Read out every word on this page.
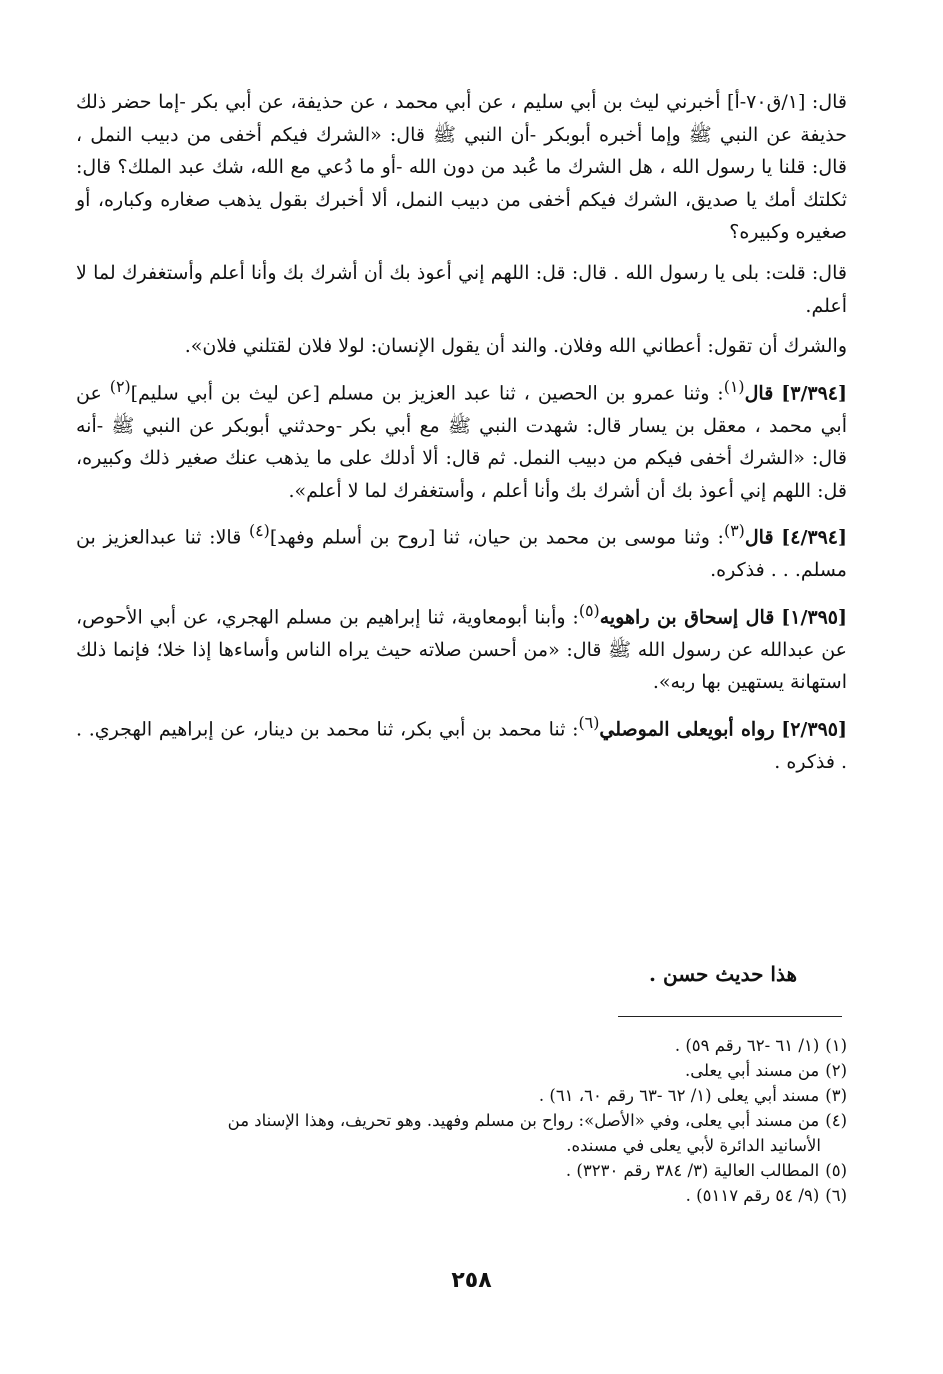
قال: [١/ق٧٠-أ] أخبرني ليث بن أبي سليم ، عن أبي محمد ، عن حذيفة، عن أبي بكر -إما حضر ذلك حذيفة عن النبي ﷺ وإما أخبره أبوبكر -أن النبي ﷺ قال: «الشرك فيكم أخفى من دبيب النمل ، قال: قلنا يا رسول الله ، هل الشرك ما عُبد من دون الله -أو ما دُعي مع الله، شك عبد الملك؟ قال: ثكلتك أمك يا صديق، الشرك فيكم أخفى من دبيب النمل، ألا أخبرك بقول يذهب صغاره وكباره، أو صغيره وكبيره؟

قال: قلت: بلى يا رسول الله . قال: قل: اللهم إني أعوذ بك أن أشرك بك وأنا أعلم وأستغفرك لما لا أعلم.

والشرك أن تقول: أعطاني الله وفلان. والند أن يقول الإنسان: لولا فلان لقتلني فلان».

[٣/٣٩٤] قال$^{(١)}$: وثنا عمرو بن الحصين ، ثنا عبد العزيز بن مسلم [عن ليث بن أبي سليم]$^{(٢)}$ عن أبي محمد ، معقل بن يسار قال: شهدت النبي ﷺ مع أبي بكر -وحدثني أبوبكر عن النبي ﷺ -أنه قال: «الشرك أخفى فيكم من دبيب النمل. ثم قال: ألا أدلك على ما يذهب عنك صغير ذلك وكبيره، قل: اللهم إني أعوذ بك أن أشرك بك وأنا أعلم ، وأستغفرك لما لا أعلم».

[٤/٣٩٤] قال$^{(٣)}$: وثنا موسى بن محمد بن حيان، ثنا [روح بن أسلم وفهد]$^{(٤)}$ قالا: ثنا عبدالعزيز بن مسلم. . . فذكره.

[١/٣٩٥] قال إسحاق بن راهويه$^{(٥)}$: وأبنا أبومعاوية، ثنا إبراهيم بن مسلم الهجري، عن أبي الأحوص، عن عبدالله عن رسول الله ﷺ قال: «من أحسن صلاته حيث يراه الناس وأساءها إذا خلا؛ فإنما ذلك استهانة يستهين بها ربه».

[٢/٣٩٥] رواه أبويعلى الموصلي$^{(٦)}$: ثنا محمد بن أبي بكر، ثنا محمد بن دينار، عن إبراهيم الهجري. . . فذكره .

هذا حديث حسن .

(١)(١/ ٦١ -٦٢ رقم ٥٩) .

(٢)من مسند أبي يعلى.

(٣)مسند أبي يعلى (١/ ٦٢ -٦٣ رقم ٦٠، ٦١) .

(٤)من مسند أبي يعلى، وفي «الأصل»: رواح بن مسلم وفهيد. وهو تحريف، وهذا الإسناد من

الأسانيد الدائرة لأبي يعلى في مسنده.

(٥)المطالب العالية (٣/ ٣٨٤ رقم ٣٢٣٠) .

(٦)(٩/ ٥٤ رقم ٥١١٧) .

٢٥٨
